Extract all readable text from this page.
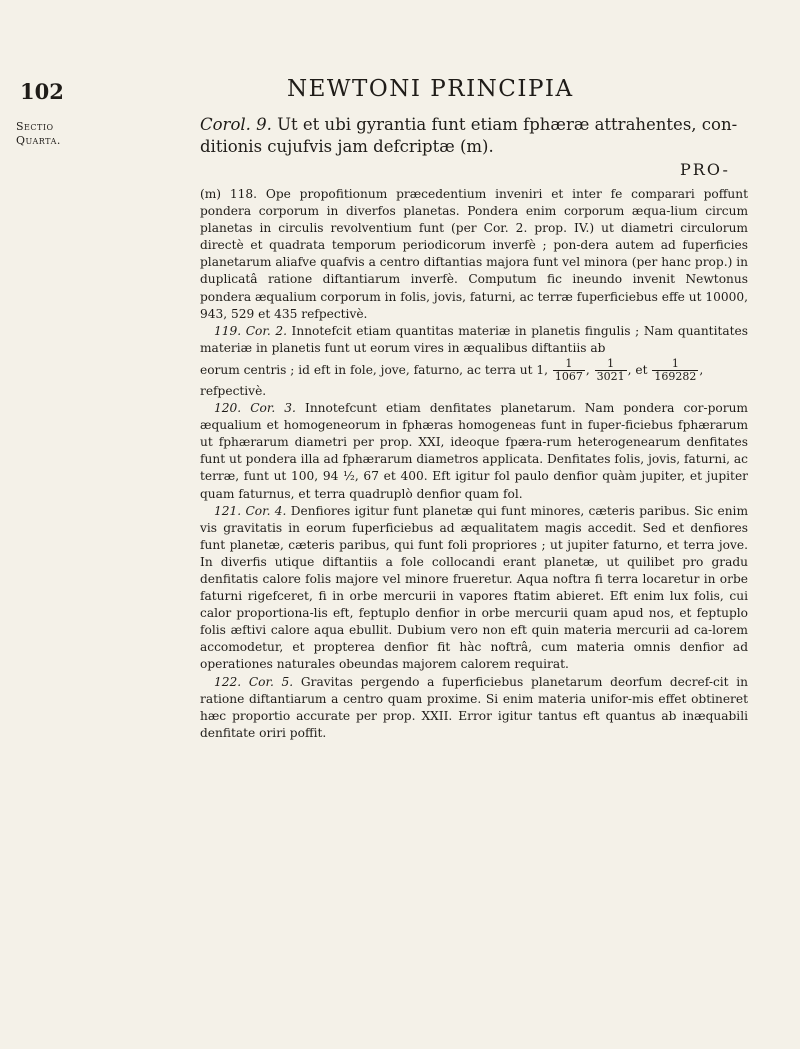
102	NEWTONI PRINCIPIA
Sectio
Quarta.
Corol. 9. Ut et ubi gyrantia funt etiam fphæræ attrahentes, con-ditionis cujufvis jam defcriptæ (m).
PRO-

(m) 118. Ope propofitionum præcedentium inveniri et inter fe comparari poffunt pondera corporum in diverfos planetas. Pondera enim corporum æqua-lium circum planetas in circulis revolventium funt (per Cor. 2. prop. IV.) ut diametri circulorum directè et quadrata temporum periodicorum inverfè ; pon-dera autem ad fuperficies planetarum aliafve quafvis a centro diftantias majora funt vel minora (per hanc prop.) in duplicatâ ratione diftantiarum inverfè. Computum fic ineundo invenit Newtonus pondera æqualium corporum in folis, jovis, faturni, ac terræ fuperficiebus effe ut 10000, 943, 529 et 435 refpectivè.

119. Cor. 2. Innotefcit etiam quantitas materiæ in planetis fingulis ; Nam quantitates materiæ in planetis funt ut eorum vires in æqualibus diftantiis ab

eorum centris ; id eft in fole, jove, faturno, ac terra ut 1, $\frac{1}{1067}$ , $\frac{1}{3021}$ , et $\frac{1}{169282}$ ,

refpectivè.

120. Cor. 3. Innotefcunt etiam denfitates planetarum. Nam pondera cor-porum æqualium et homogeneorum in fphæras homogeneas funt in fuper-ficiebus fphærarum ut fphærarum diametri per prop. XXI, ideoque fpæra-rum heterogenearum denfitates funt ut pondera illa ad fphærarum diametros applicata. Denfitates folis, jovis, faturni, ac terræ, funt ut 100, 94 ½, 67 et 400. Eft igitur fol paulo denfior quàm jupiter, et jupiter quam faturnus, et terra quadruplò denfior quam fol.

121. Cor. 4. Denfiores igitur funt planetæ qui funt minores, cæteris paribus. Sic enim vis gravitatis in eorum fuperficiebus ad æqualitatem magis accedit. Sed et denfiores funt planetæ, cæteris paribus, qui funt foli propriores ; ut jupiter faturno, et terra jove. In diverfis utique diftantiis a fole collocandi erant planetæ, ut quilibet pro gradu denfitatis calore folis majore vel minore frueretur. Aqua noftra fi terra locaretur in orbe faturni rigefceret, fi in orbe mercurii in vapores ftatim abieret. Eft enim lux folis, cui calor proportiona-lis eft, feptuplo denfior in orbe mercurii quam apud nos, et feptuplo folis æftivi calore aqua ebullit. Dubium vero non eft quin materia mercurii ad ca-lorem accomodetur, et propterea denfior fit hàc noftrâ, cum materia omnis denfior ad operationes naturales obeundas majorem calorem requirat.

122. Cor. 5. Gravitas pergendo a fuperficiebus planetarum deorfum decref-cit in ratione diftantiarum a centro quam proxime. Si enim materia unifor-mis effet obtineret hæc proportio accurate per prop. XXII. Error igitur tantus eft quantus ab inæquabili denfitate oriri poffit.
